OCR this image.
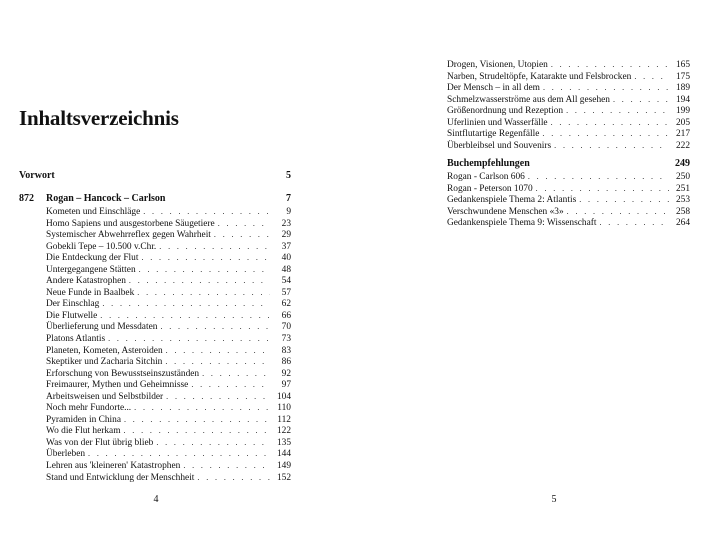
Inhaltsverzeichnis
Vorwort	5
872 Rogan – Hancock – Carlson	7
Kometen und Einschläge . . .	9
Homo Sapiens und ausgestorbene Säugetiere . . .	23
Systemischer Abwehrreflex gegen Wahrheit . . .	29
Gobekli Tepe – 10.500 v.Chr. . . .	37
Die Entdeckung der Flut . . .	40
Untergegangene Stätten . . .	48
Andere Katastrophen . . .	54
Neue Funde in Baalbek . . .	57
Der Einschlag . . .	62
Die Flutwelle . . .	66
Überlieferung und Messdaten . . .	70
Platons Atlantis . . .	73
Planeten, Kometen, Asteroiden . . .	83
Skeptiker und Zacharia Sitchin . . .	86
Erforschung von Bewusstseinszuständen . . .	92
Freimaurer, Mythen und Geheimnisse . . .	97
Arbeitsweisen und Selbstbilder . . .	104
Noch mehr Fundorte... . . .	110
Pyramiden in China . . .	112
Wo die Flut herkam . . .	122
Was von der Flut übrig blieb . . .	135
Überleben . . .	144
Lehren aus 'kleineren' Katastrophen . . .	149
Stand und Entwicklung der Menschheit . . .	152
4
Drogen, Visionen, Utopien . . .	165
Narben, Strudeltöpfe, Katarakte und Felsbrocken . . .	175
Der Mensch – in all dem . . .	189
Schmelzwasserströme aus dem All gesehen . . .	194
Größenordnung und Rezeption . . .	199
Uferlinien und Wasserfälle . . .	205
Sintflutartige Regenfälle . . .	217
Überbleibsel und Souvenirs . . .	222
Buchempfehlungen	249
Rogan - Carlson 606 . . .	250
Rogan - Peterson 1070 . . .	251
Gedankenspiele Thema 2: Atlantis . . .	253
Verschwundene Menschen «3» . . .	258
Gedankenspiele Thema 9: Wissenschaft . . .	264
5
